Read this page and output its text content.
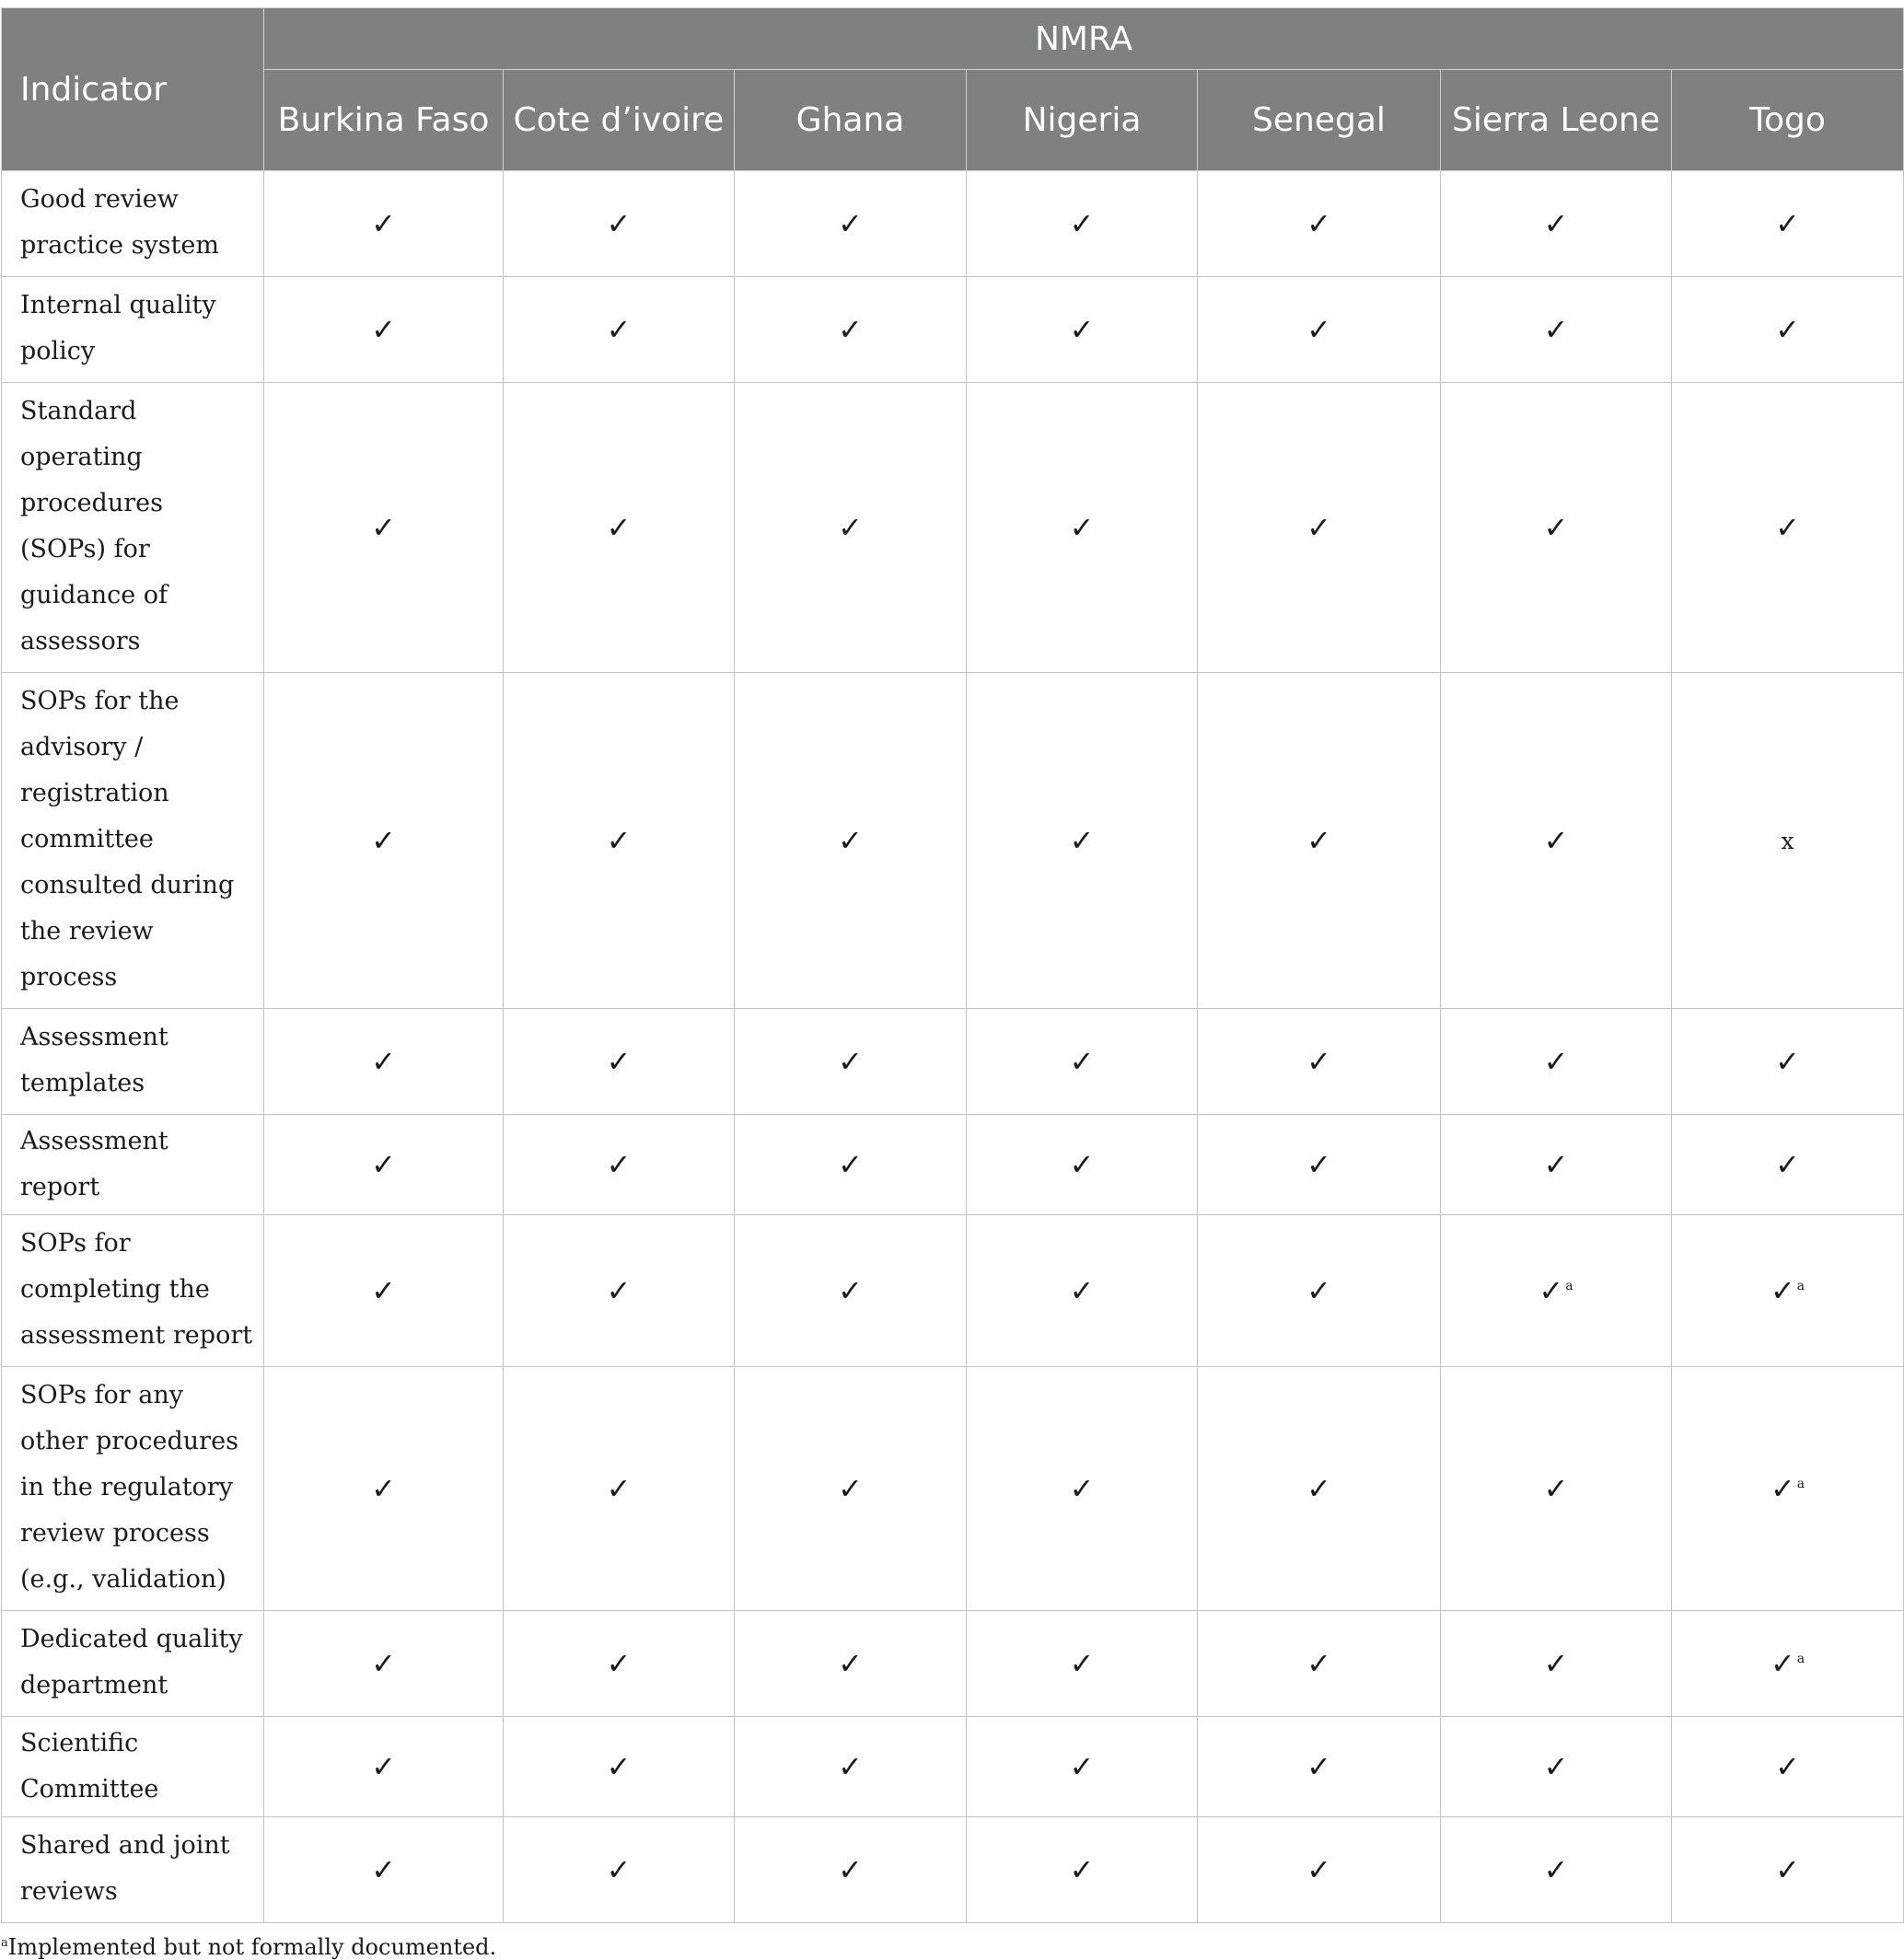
Indicator	NMRA						
	Burkina Faso	Cote d’ivoire	Ghana	Nigeria	Senegal	Sierra Leone	Togo
Good review practice system	✓	✓	✓	✓	✓	✓	✓
Internal quality policy	✓	✓	✓	✓	✓	✓	✓
Standard operating procedures (SOPs) for guidance of assessors	✓	✓	✓	✓	✓	✓	✓
SOPs for the advisory / registration committee consulted during the review process	✓	✓	✓	✓	✓	✓	x
Assessment templates	✓	✓	✓	✓	✓	✓	✓
Assessment report	✓	✓	✓	✓	✓	✓	✓
SOPs for completing the assessment report	✓	✓	✓	✓	✓	✓ $^a$	✓ $^a$
SOPs for any other procedures in the regulatory review process (e.g., validation)	✓	✓	✓	✓	✓	✓	✓ $^a$
Dedicated quality department	✓	✓	✓	✓	✓	✓	✓ $^a$
Scientific Committee	✓	✓	✓	✓	✓	✓	✓
Shared and joint reviews	✓	✓	✓	✓	✓	✓	✓
$^a$Implemented but not formally documented.
